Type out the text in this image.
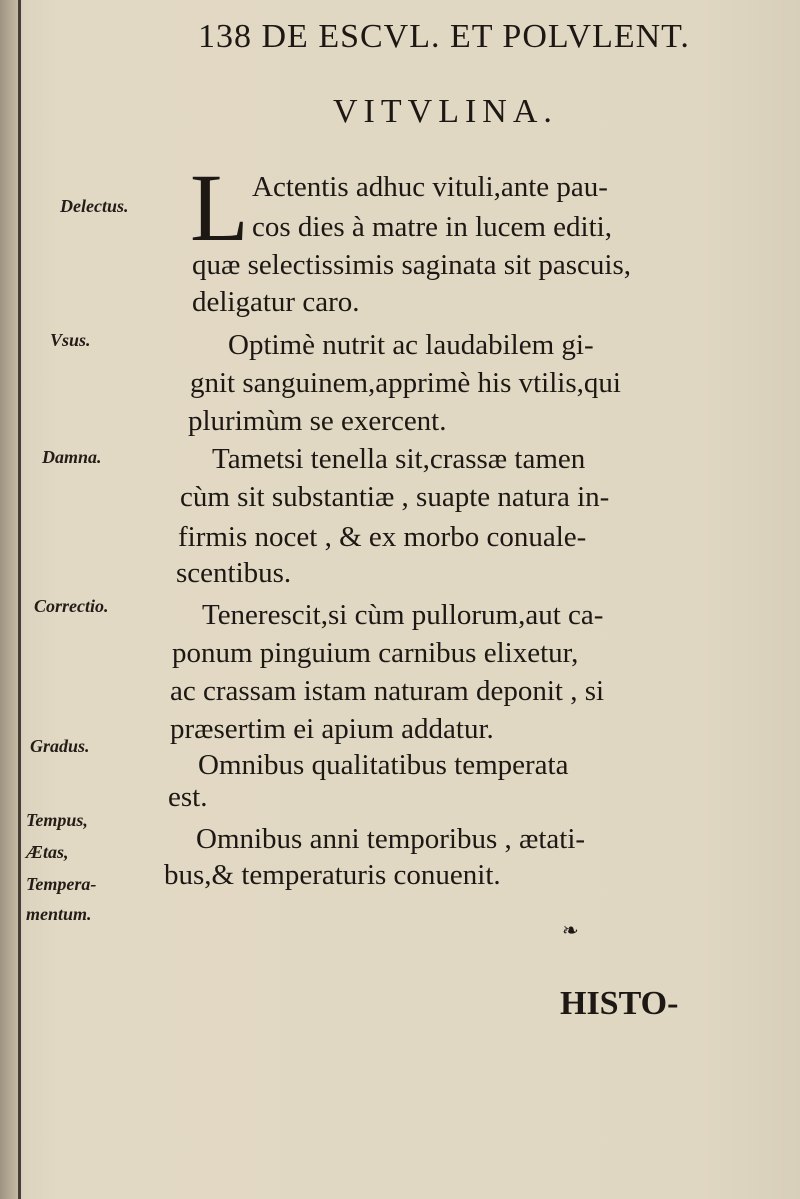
138 DE ESCVL. ET POLVLENT.
VITVLINA.
Delectus.
Vsus.
Damna.
Correctio.
Gradus.
Tempus,
Ætas,
Tempera-
mentum.
L Actentis adhuc vituli,ante pau-
cos dies à matre in lucem editi,
quæ selectissimis saginata sit pascuis,
deligatur caro.
Optimè nutrit ac laudabilem gi-
gnit sanguinem,apprimè his vtilis,qui
plurimùm se exercent.
Tametsi tenella sit,crassæ tamen
cùm sit substantiæ , suapte natura in-
firmis nocet , & ex morbo conuale-
scentibus.
Tenerescit,si cùm pullorum,aut ca-
ponum pinguium carnibus elixetur,
ac crassam istam naturam deponit , si
præsertim ei apium addatur.
Omnibus qualitatibus temperata
est.
Omnibus anni temporibus , ætati-
bus,& temperaturis conuenit.
❧
HISTO-
